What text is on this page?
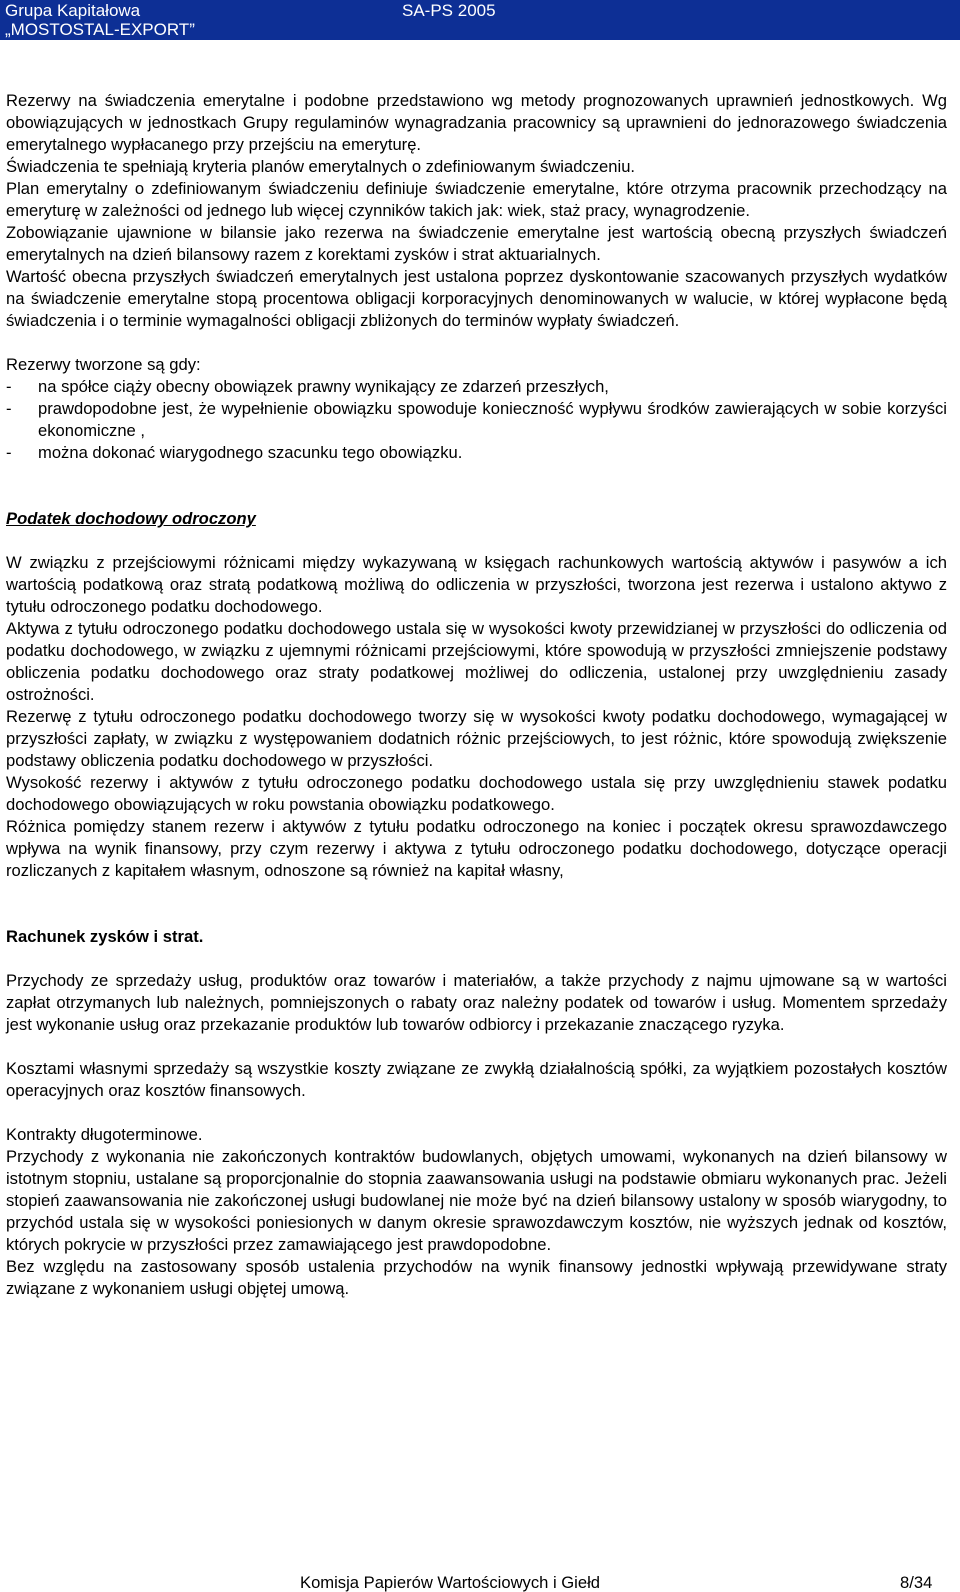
Grupa Kapitałowa
„MOSTOSTAL-EXPORT”
SA-PS 2005

Rezerwy na świadczenia emerytalne i podobne przedstawiono wg metody prognozowanych uprawnień jednostkowych. Wg obowiązujących w jednostkach Grupy regulaminów wynagradzania pracownicy są uprawnieni do jednorazowego świadczenia emerytalnego wypłacanego przy przejściu na emeryturę.

Świadczenia te spełniają kryteria planów emerytalnych o zdefiniowanym świadczeniu.

Plan emerytalny o zdefiniowanym świadczeniu definiuje świadczenie emerytalne, które otrzyma pracownik przechodzący na emeryturę w zależności od jednego lub więcej czynników takich jak: wiek, staż pracy, wynagrodzenie.

Zobowiązanie ujawnione w bilansie jako rezerwa na świadczenie emerytalne jest wartością obecną przyszłych świadczeń emerytalnych na dzień bilansowy razem z korektami zysków i strat aktuarialnych.

Wartość obecna przyszłych świadczeń emerytalnych jest ustalona poprzez dyskontowanie szacowanych przyszłych wydatków na świadczenie emerytalne stopą procentowa obligacji korporacyjnych denominowanych w walucie, w której wypłacone będą świadczenia i o terminie wymagalności obligacji zbliżonych do terminów wypłaty świadczeń.

Rezerwy tworzone są gdy:

-	na spółce ciąży obecny obowiązek prawny wynikający ze zdarzeń przeszłych,
-	prawdopodobne jest, że wypełnienie obowiązku spowoduje konieczność wypływu środków zawierających w sobie korzyści ekonomiczne ,
-	można dokonać wiarygodnego szacunku tego obowiązku.

Podatek dochodowy odroczony

W związku z przejściowymi różnicami między wykazywaną w księgach rachunkowych wartością aktywów i pasywów a ich wartością podatkową oraz stratą podatkową możliwą do odliczenia w przyszłości, tworzona jest rezerwa i ustalono aktywo z tytułu odroczonego podatku dochodowego.

Aktywa z tytułu odroczonego podatku dochodowego ustala się w wysokości kwoty przewidzianej w przyszłości do odliczenia od podatku dochodowego, w związku z ujemnymi różnicami przejściowymi, które spowodują w przyszłości zmniejszenie podstawy obliczenia podatku dochodowego oraz straty podatkowej możliwej do odliczenia, ustalonej przy uwzględnieniu zasady ostrożności.

Rezerwę z tytułu odroczonego podatku dochodowego tworzy się w wysokości kwoty podatku dochodowego, wymagającej w przyszłości zapłaty, w związku z występowaniem dodatnich różnic przejściowych, to jest różnic, które spowodują zwiększenie podstawy obliczenia podatku dochodowego w przyszłości.

Wysokość rezerwy i aktywów z tytułu odroczonego podatku dochodowego ustala się przy uwzględnieniu stawek podatku dochodowego obowiązujących w roku powstania obowiązku podatkowego.

Różnica pomiędzy stanem rezerw i aktywów z tytułu podatku odroczonego na koniec i początek okresu sprawozdawczego wpływa na wynik finansowy, przy czym rezerwy i aktywa z tytułu odroczonego podatku dochodowego, dotyczące operacji rozliczanych z kapitałem własnym, odnoszone są również na kapitał własny,

Rachunek zysków i strat.

Przychody ze sprzedaży usług, produktów oraz towarów i materiałów, a także przychody z najmu ujmowane są w wartości zapłat otrzymanych lub należnych, pomniejszonych o rabaty oraz należny podatek od towarów i usług. Momentem sprzedaży jest wykonanie usług oraz przekazanie produktów lub towarów odbiorcy i przekazanie znaczącego ryzyka.

Kosztami własnymi sprzedaży są wszystkie koszty związane ze zwykłą działalnością spółki, za wyjątkiem pozostałych kosztów operacyjnych oraz kosztów finansowych.

Kontrakty długoterminowe.

Przychody z wykonania nie zakończonych kontraktów budowlanych, objętych umowami, wykonanych na dzień bilansowy w istotnym stopniu, ustalane są proporcjonalnie do stopnia zaawansowania usługi na podstawie obmiaru wykonanych prac. Jeżeli stopień zaawansowania nie zakończonej usługi budowlanej nie może być na dzień bilansowy ustalony w sposób wiarygodny, to przychód ustala się w wysokości poniesionych w danym okresie sprawozdawczym kosztów, nie wyższych jednak od kosztów, których pokrycie w przyszłości przez zamawiającego jest prawdopodobne.

Bez względu na zastosowany sposób ustalenia przychodów na wynik finansowy jednostki wpływają przewidywane straty związane z wykonaniem usługi objętej umową.

Komisja Papierów Wartościowych i Giełd	8/34
